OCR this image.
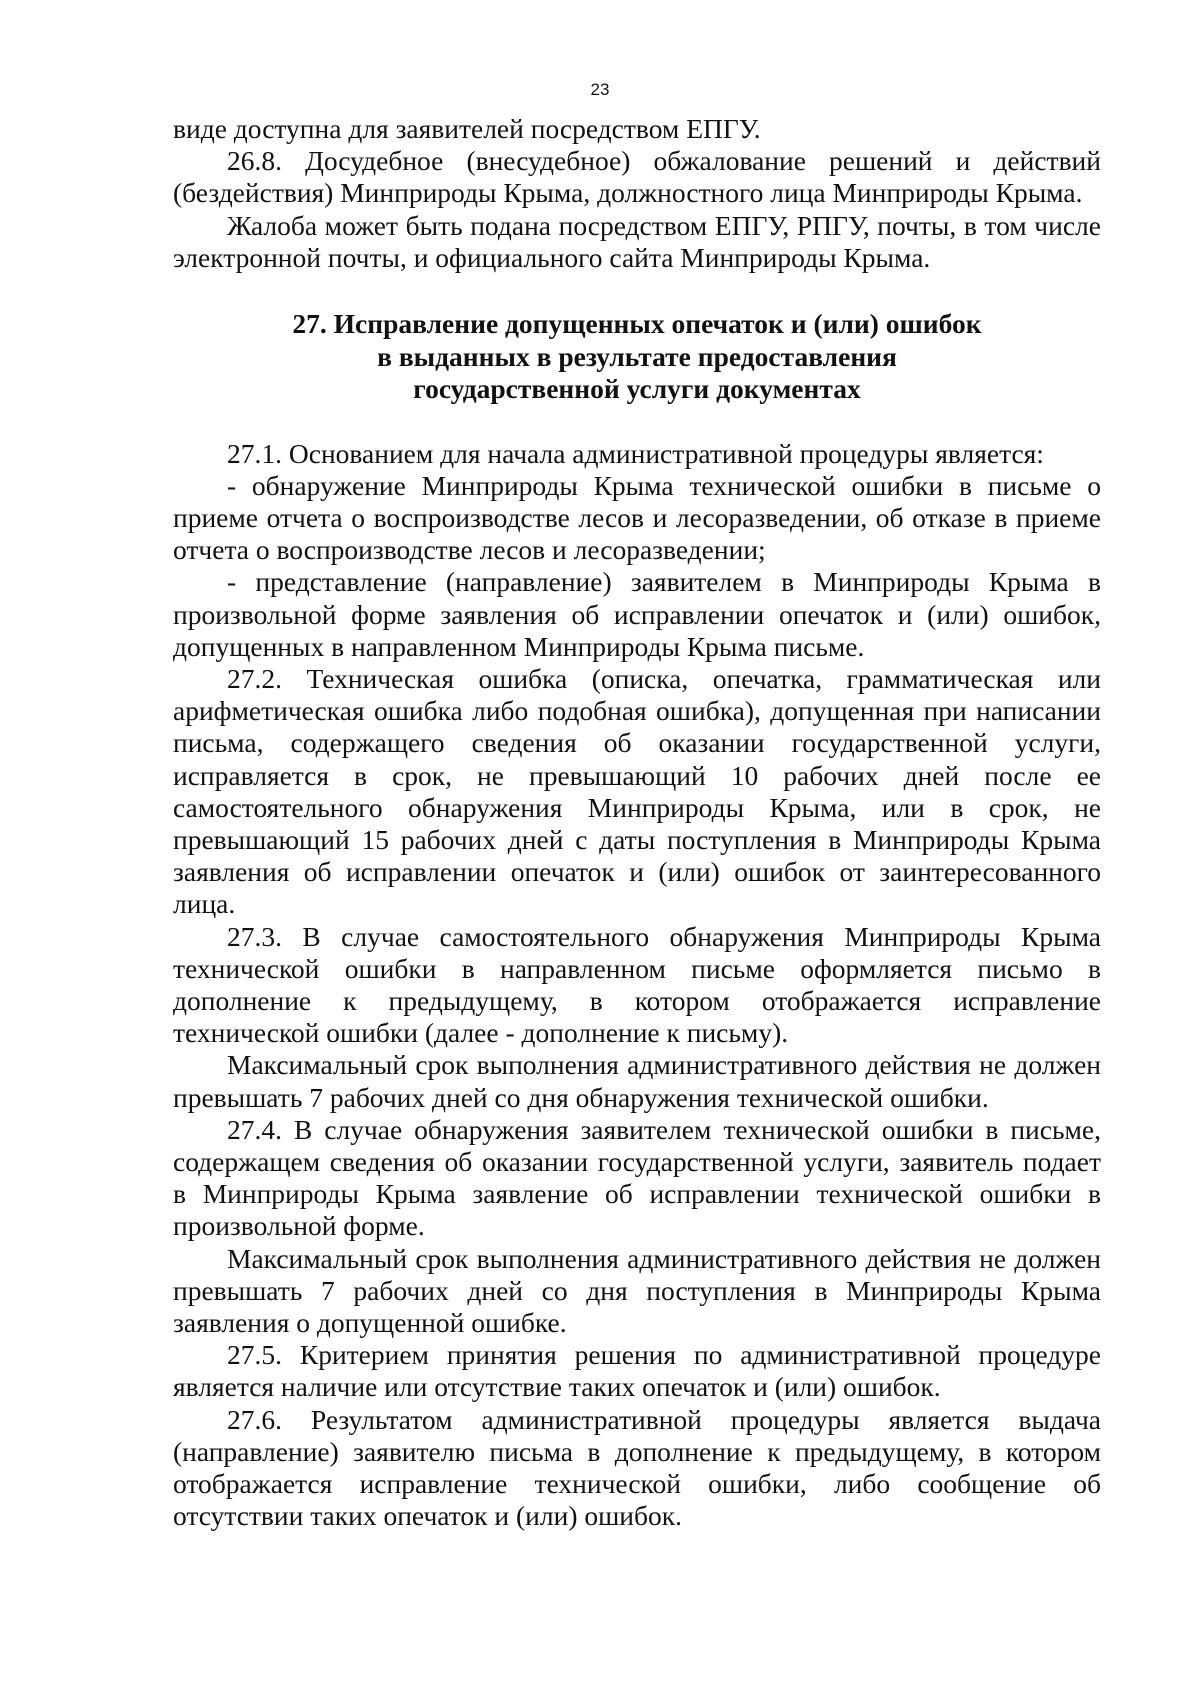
23

виде доступна для заявителей посредством ЕПГУ.

26.8. Досудебное (внесудебное) обжалование решений и действий (бездействия) Минприроды Крыма, должностного лица Минприроды Крыма.

Жалоба может быть подана посредством ЕПГУ, РПГУ, почты, в том числе электронной почты, и официального сайта Минприроды Крыма.

27. Исправление допущенных опечаток и (или) ошибок
в выданных в результате предоставления
государственной услуги документах

27.1. Основанием для начала административной процедуры является:

- обнаружение Минприроды Крыма технической ошибки в письме о приеме отчета о воспроизводстве лесов и лесоразведении, об отказе в приеме отчета о воспроизводстве лесов и лесоразведении;

- представление (направление) заявителем в Минприроды Крыма в произвольной форме заявления об исправлении опечаток и (или) ошибок, допущенных в направленном Минприроды Крыма письме.

27.2. Техническая ошибка (описка, опечатка, грамматическая или арифметическая ошибка либо подобная ошибка), допущенная при написании письма, содержащего сведения об оказании государственной услуги, исправляется в срок, не превышающий 10 рабочих дней после ее самостоятельного обнаружения Минприроды Крыма, или в срок, не превышающий 15 рабочих дней с даты поступления в Минприроды Крыма заявления об исправлении опечаток и (или) ошибок от заинтересованного лица.

27.3. В случае самостоятельного обнаружения Минприроды Крыма технической ошибки в направленном письме оформляется письмо в дополнение к предыдущему, в котором отображается исправление технической ошибки (далее - дополнение к письму).

Максимальный срок выполнения административного действия не должен превышать 7 рабочих дней со дня обнаружения технической ошибки.

27.4. В случае обнаружения заявителем технической ошибки в письме, содержащем сведения об оказании государственной услуги, заявитель подает в Минприроды Крыма заявление об исправлении технической ошибки в произвольной форме.

Максимальный срок выполнения административного действия не должен превышать 7 рабочих дней со дня поступления в Минприроды Крыма заявления о допущенной ошибке.

27.5. Критерием принятия решения по административной процедуре является наличие или отсутствие таких опечаток и (или) ошибок.

27.6. Результатом административной процедуры является выдача (направление) заявителю письма в дополнение к предыдущему, в котором отображается исправление технической ошибки, либо сообщение об отсутствии таких опечаток и (или) ошибок.
